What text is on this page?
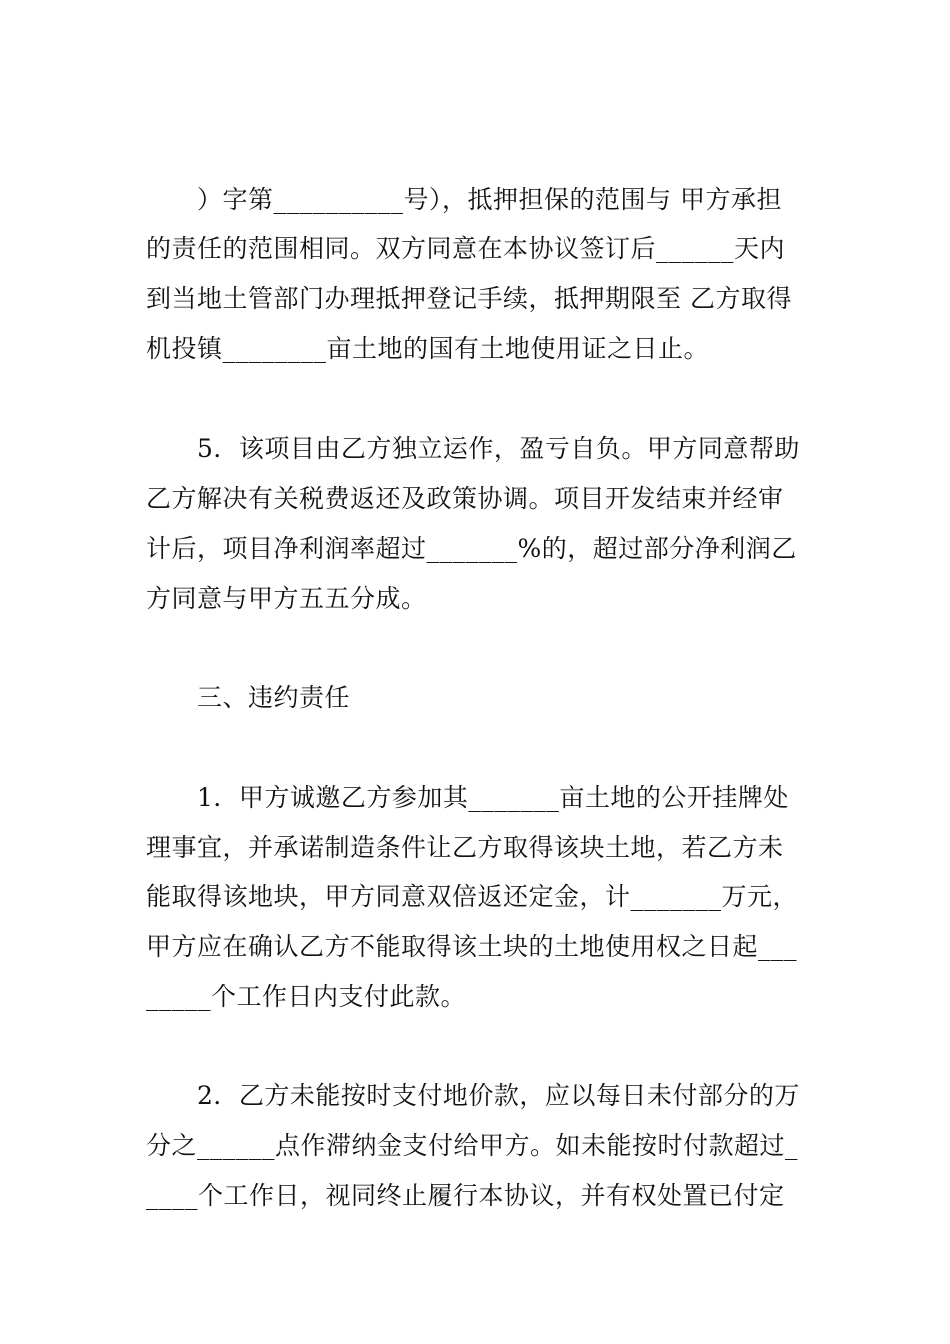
　　）字第__________号），抵押担保的范围与 甲方承担
的责任的范围相同。双方同意在本协议签订后______天内
到当地土管部门办理抵押登记手续，抵押期限至 乙方取得
机投镇________亩土地的国有土地使用证之日止。
　　5．该项目由乙方独立运作，盈亏自负。甲方同意帮助
乙方解决有关税费返还及政策协调。项目开发结束并经审
计后，项目净利润率超过_______%的，超过部分净利润乙
方同意与甲方五五分成。
　　三、违约责任
　　1．甲方诚邀乙方参加其_______亩土地的公开挂牌处
理事宜，并承诺制造条件让乙方取得该块土地，若乙方未
能取得该地块，甲方同意双倍返还定金，计_______万元，
甲方应在确认乙方不能取得该土块的土地使用权之日起___
_____个工作日内支付此款。
　　2．乙方未能按时支付地价款，应以每日未付部分的万
分之______点作滞纳金支付给甲方。如未能按时付款超过_
____个工作日，视同终止履行本协议，并有权处置已付定
